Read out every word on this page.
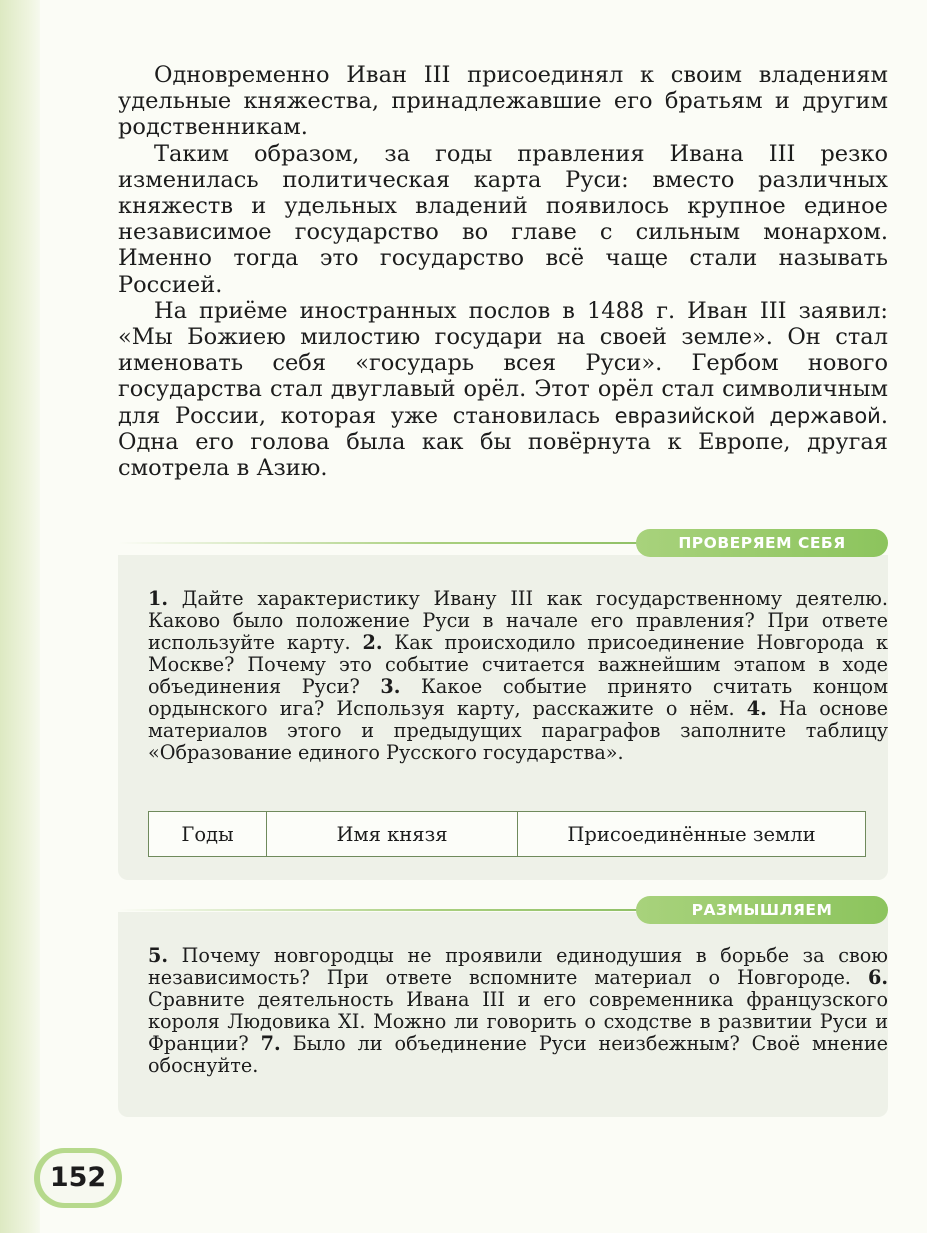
Одновременно Иван III присоединял к своим владениям удельные княжества, принадлежавшие его братьям и другим родственникам.

Таким образом, за годы правления Ивана III резко изменилась политическая карта Руси: вместо различных княжеств и удельных владений появилось крупное единое независимое государство во главе с сильным монархом. Именно тогда это государство всё чаще стали называть Россией.

На приёме иностранных послов в 1488 г. Иван III заявил: «Мы Божиею милостию государи на своей земле». Он стал именовать себя «государь всея Руси». Гербом нового государства стал двуглавый орёл. Этот орёл стал символичным для России, которая уже становилась евразийской державой. Одна его голова была как бы повёрнута к Европе, другая смотрела в Азию.

ПРОВЕРЯЕМ СЕБЯ
1. Дайте характеристику Ивану III как государственному деятелю. Каково было положение Руси в начале его правления? При ответе используйте карту. 2. Как происходило присоединение Новгорода к Москве? Почему это событие считается важнейшим этапом в ходе объединения Руси? 3. Какое событие принято считать концом ордынского ига? Используя карту, расскажите о нём. 4. На основе материалов этого и предыдущих параграфов заполните таблицу «Образование единого Русского государства».
Годы	Имя князя	Присоединённые земли
РАЗМЫШЛЯЕМ
5. Почему новгородцы не проявили единодушия в борьбе за свою независимость? При ответе вспомните материал о Новгороде. 6. Сравните деятельность Ивана III и его современника французского короля Людовика XI. Можно ли говорить о сходстве в развитии Руси и Франции? 7. Было ли объединение Руси неизбежным? Своё мнение обоснуйте.
152
